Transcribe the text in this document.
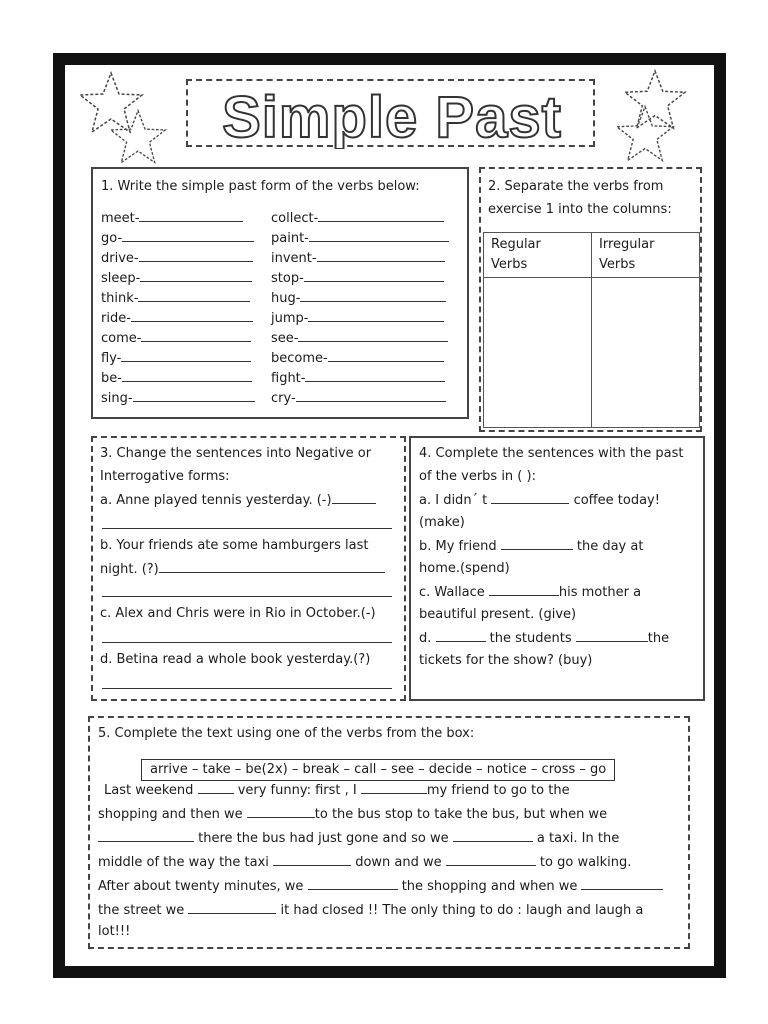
Simple Past
1. Write the simple past form of the verbs below:
meet-
go-
drive-
sleep-
think-
ride-
come-
fly-
be-
sing-
collect-
paint-
invent-
stop-
hug-
jump-
see-
become-
fight-
cry-
2. Separate the verbs from
exercise 1 into the columns:
Regular
Verbs	Irregular
Verbs

3. Change the sentences into Negative or
Interrogative forms:
a. Anne played tennis yesterday. (-)
b. Your friends ate some hamburgers last
night. (?)
c. Alex and Chris were in Rio in October.(-)
d. Betina read a whole book yesterday.(?)
4. Complete the sentences with the past
of the verbs in ( ):
a. I didn´ t	coffee today!
(make)
b. My friend	the day at
home.(spend)
c. Wallace	his mother a
beautiful present. (give)
d.	the students	the
tickets for the show? (buy)
5. Complete the text using one of the verbs from the box:
arrive – take – be(2x) – break – call – see – decide – notice – cross – go
Last weekend	very funny: first , I	my friend to go to the
shopping and then we	to the bus stop to take the bus, but when we
there the bus had just gone and so we	a taxi. In the
middle of the way the taxi	down and we	to go walking.
After about twenty minutes, we	the shopping and when we
the street we	it had closed !! The only thing to do : laugh and laugh a
lot!!!
